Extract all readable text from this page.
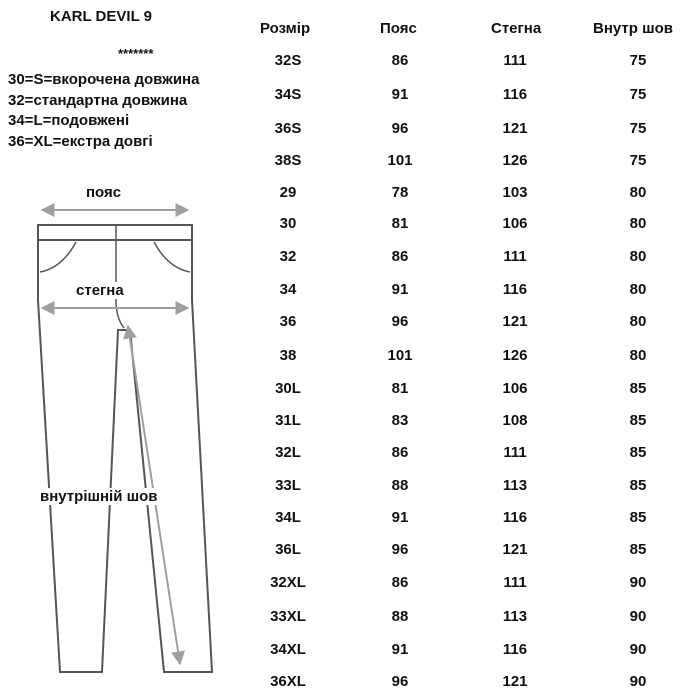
KARL DEVIL 9
*******
30=S=вкорочена довжина
32=стандартна довжина
34=L=подовжені
36=XL=екстра довгі
пояс
стегна
внутрішній шов
Розмір	Пояс	Стегна	Внутр шов
32S	86	111	75
34S	91	116	75
36S	96	121	75
38S	101	126	75
29	78	103	80
30	81	106	80
32	86	111	80
34	91	116	80
36	96	121	80
38	101	126	80
30L	81	106	85
31L	83	108	85
32L	86	111	85
33L	88	113	85
34L	91	116	85
36L	96	121	85
32XL	86	111	90
33XL	88	113	90
34XL	91	116	90
36XL	96	121	90
